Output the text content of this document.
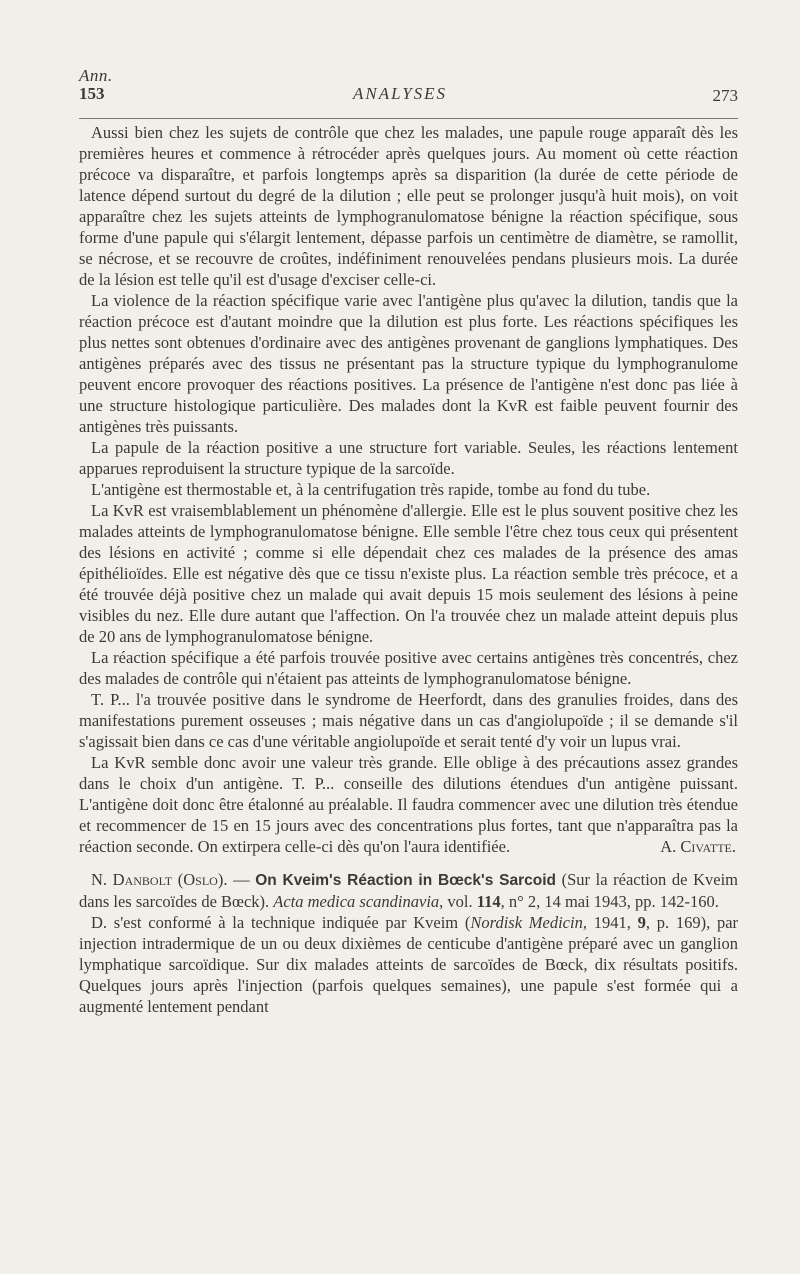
Ann.
153	ANALYSES	273

Aussi bien chez les sujets de contrôle que chez les malades, une papule rouge apparaît dès les premières heures et commence à rétrocéder après quelques jours. Au moment où cette réaction précoce va disparaître, et parfois longtemps après sa disparition (la durée de cette période de latence dépend surtout du degré de la dilution ; elle peut se prolonger jusqu'à huit mois), on voit apparaître chez les sujets atteints de lymphogranulomatose bénigne la réaction spécifique, sous forme d'une papule qui s'élargit lentement, dépasse parfois un centimètre de diamètre, se ramollit, se nécrose, et se recouvre de croûtes, indéfiniment renouvelées pendans plusieurs mois. La durée de la lésion est telle qu'il est d'usage d'exciser celle-ci.

La violence de la réaction spécifique varie avec l'antigène plus qu'avec la dilution, tandis que la réaction précoce est d'autant moindre que la dilution est plus forte. Les réactions spécifiques les plus nettes sont obtenues d'ordinaire avec des antigènes provenant de ganglions lymphatiques. Des antigènes préparés avec des tissus ne présentant pas la structure typique du lymphogranulome peuvent encore provoquer des réactions positives. La présence de l'antigène n'est donc pas liée à une structure histologique particulière. Des malades dont la KvR est faible peuvent fournir des antigènes très puissants.

La papule de la réaction positive a une structure fort variable. Seules, les réactions lentement apparues reproduisent la structure typique de la sarcoïde.

L'antigène est thermostable et, à la centrifugation très rapide, tombe au fond du tube.

La KvR est vraisemblablement un phénomène d'allergie. Elle est le plus souvent positive chez les malades atteints de lymphogranulomatose bénigne. Elle semble l'être chez tous ceux qui présentent des lésions en activité ; comme si elle dépendait chez ces malades de la présence des amas épithélioïdes. Elle est négative dès que ce tissu n'existe plus. La réaction semble très précoce, et a été trouvée déjà positive chez un malade qui avait depuis 15 mois seulement des lésions à peine visibles du nez. Elle dure autant que l'affection. On l'a trouvée chez un malade atteint depuis plus de 20 ans de lymphogranulomatose bénigne.

La réaction spécifique a été parfois trouvée positive avec certains antigènes très concentrés, chez des malades de contrôle qui n'étaient pas atteints de lymphogranulomatose bénigne.

T. P... l'a trouvée positive dans le syndrome de Heerfordt, dans des granulies froides, dans des manifestations purement osseuses ; mais négative dans un cas d'angiolupoïde ; il se demande s'il s'agissait bien dans ce cas d'une véritable angiolupoïde et serait tenté d'y voir un lupus vrai.

La KvR semble donc avoir une valeur très grande. Elle oblige à des précautions assez grandes dans le choix d'un antigène. T. P... conseille des dilutions étendues d'un antigène puissant. L'antigène doit donc être étalonné au préalable. Il faudra commencer avec une dilution très étendue et recommencer de 15 en 15 jours avec des concentrations plus fortes, tant que n'apparaîtra pas la réaction seconde. On extirpera celle-ci dès qu'on l'aura identifiée.	A. Civatte.

N. Danbolt (Oslo). — On Kveim's Réaction in Bœck's Sarcoid (Sur la réaction de Kveim dans les sarcoïdes de Bœck). Acta medica scandinavia, vol. 114, n° 2, 14 mai 1943, pp. 142-160.

D. s'est conformé à la technique indiquée par Kveim (Nordisk Medicin, 1941, 9, p. 169), par injection intradermique de un ou deux dixièmes de centicube d'antigène préparé avec un ganglion lymphatique sarcoïdique. Sur dix malades atteints de sarcoïdes de Bœck, dix résultats positifs. Quelques jours après l'injection (parfois quelques semaines), une papule s'est formée qui a augmenté lentement pendant
